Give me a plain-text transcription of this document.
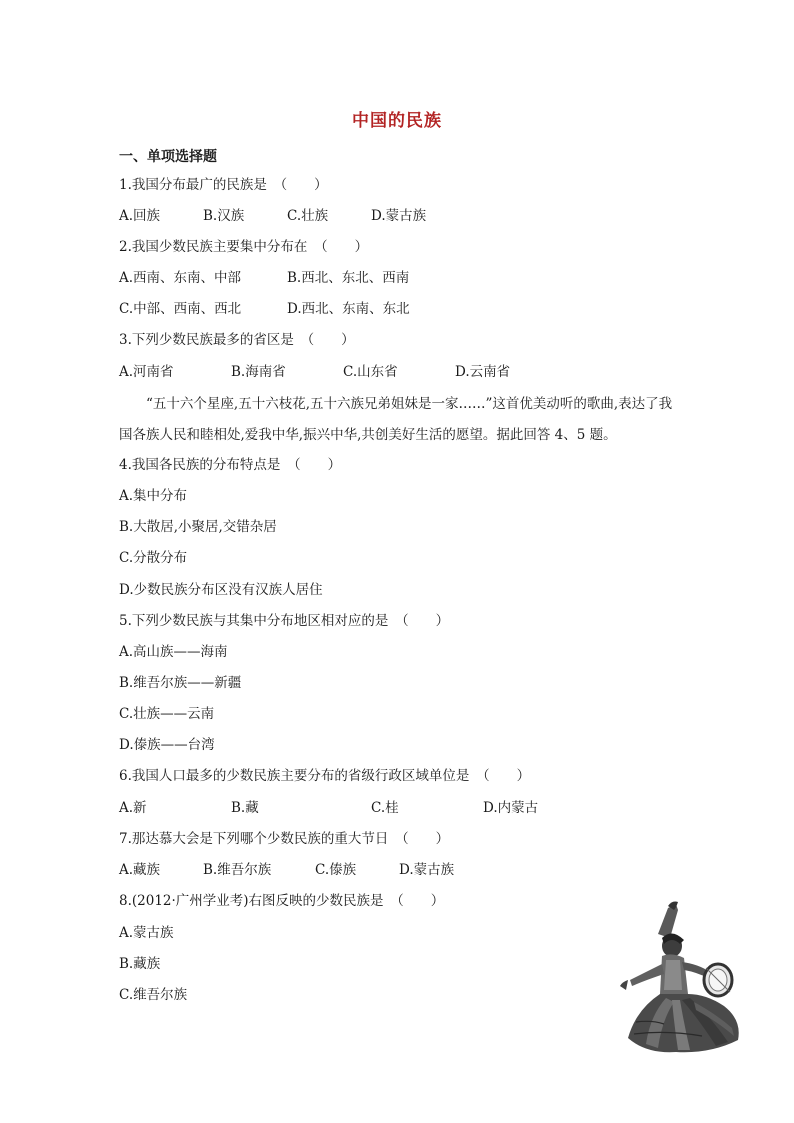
中国的民族
一、单项选择题
1.我国分布最广的民族是　（　　）
A.回族	B.汉族	C.壮族	D.蒙古族
2.我国少数民族主要集中分布在　（　　）
A.西南、东南、中部	B.西北、东北、西南
C.中部、西南、西北	D.西北、东南、东北
3.下列少数民族最多的省区是　（　　）
A.河南省	B.海南省	C.山东省	D.云南省
“五十六个星座,五十六枝花,五十六族兄弟姐妹是一家……”这首优美动听的歌曲,表达了我国各族人民和睦相处,爱我中华,振兴中华,共创美好生活的愿望。据此回答 4、5 题。
4.我国各民族的分布特点是　（　　）
A.集中分布
B.大散居,小聚居,交错杂居
C.分散分布
D.少数民族分布区没有汉族人居住
5.下列少数民族与其集中分布地区相对应的是　（　　）
A.高山族——海南
B.维吾尔族——新疆
C.壮族——云南
D.傣族——台湾
6.我国人口最多的少数民族主要分布的省级行政区域单位是　（　　）
A.新	B.藏	C.桂	D.内蒙古
7.那达慕大会是下列哪个少数民族的重大节日　（　　）
A.藏族	B.维吾尔族	C.傣族	D.蒙古族
8.(2012·广州学业考)右图反映的少数民族是　（　　）
A.蒙古族
B.藏族
C.维吾尔族
